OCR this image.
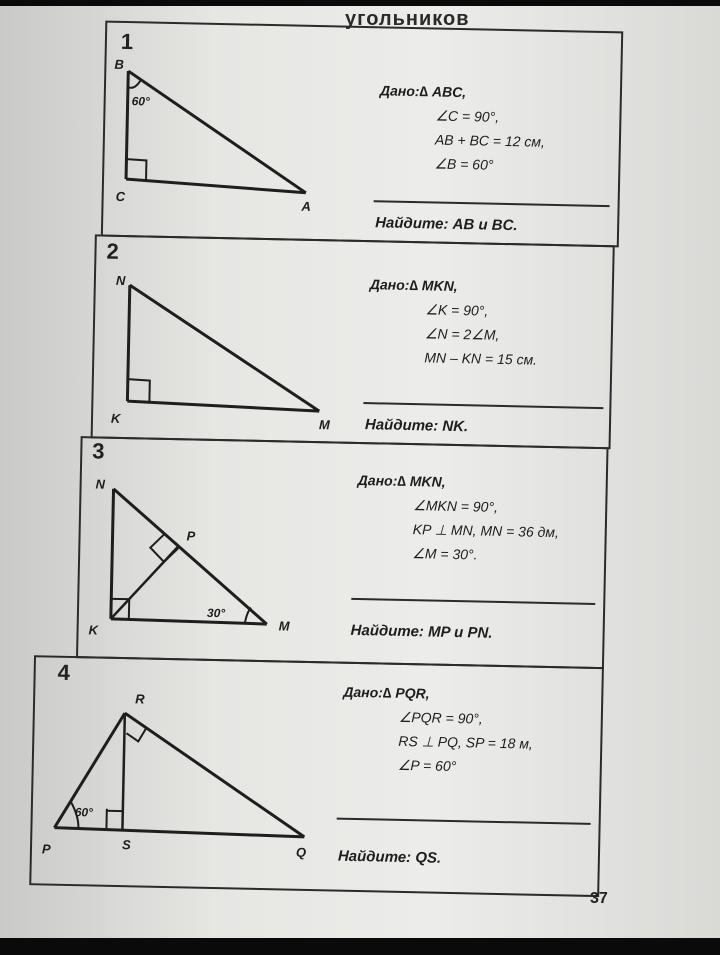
угольников
1
B
C
A
60°
Дано:∆ ABC,
∠C = 90°,
AB + BC = 12 см,
∠B = 60°
Найдите: AB и BC.
2
N
K	M
Дано:∆ MKN,
∠K = 90°,
∠N = 2∠M,
MN – KN = 15 см.
Найдите: NK.
3
N
P
K	M
30°
Дано:∆ MKN,
∠MKN = 90°,
KP ⊥ MN, MN = 36 дм,
∠M = 30°.
Найдите: MP и PN.
4
R
P	S
Q
60°
Дано:∆ PQR,
∠PQR = 90°,
RS ⊥ PQ, SP = 18 м,
∠P = 60°
Найдите: QS.
37
